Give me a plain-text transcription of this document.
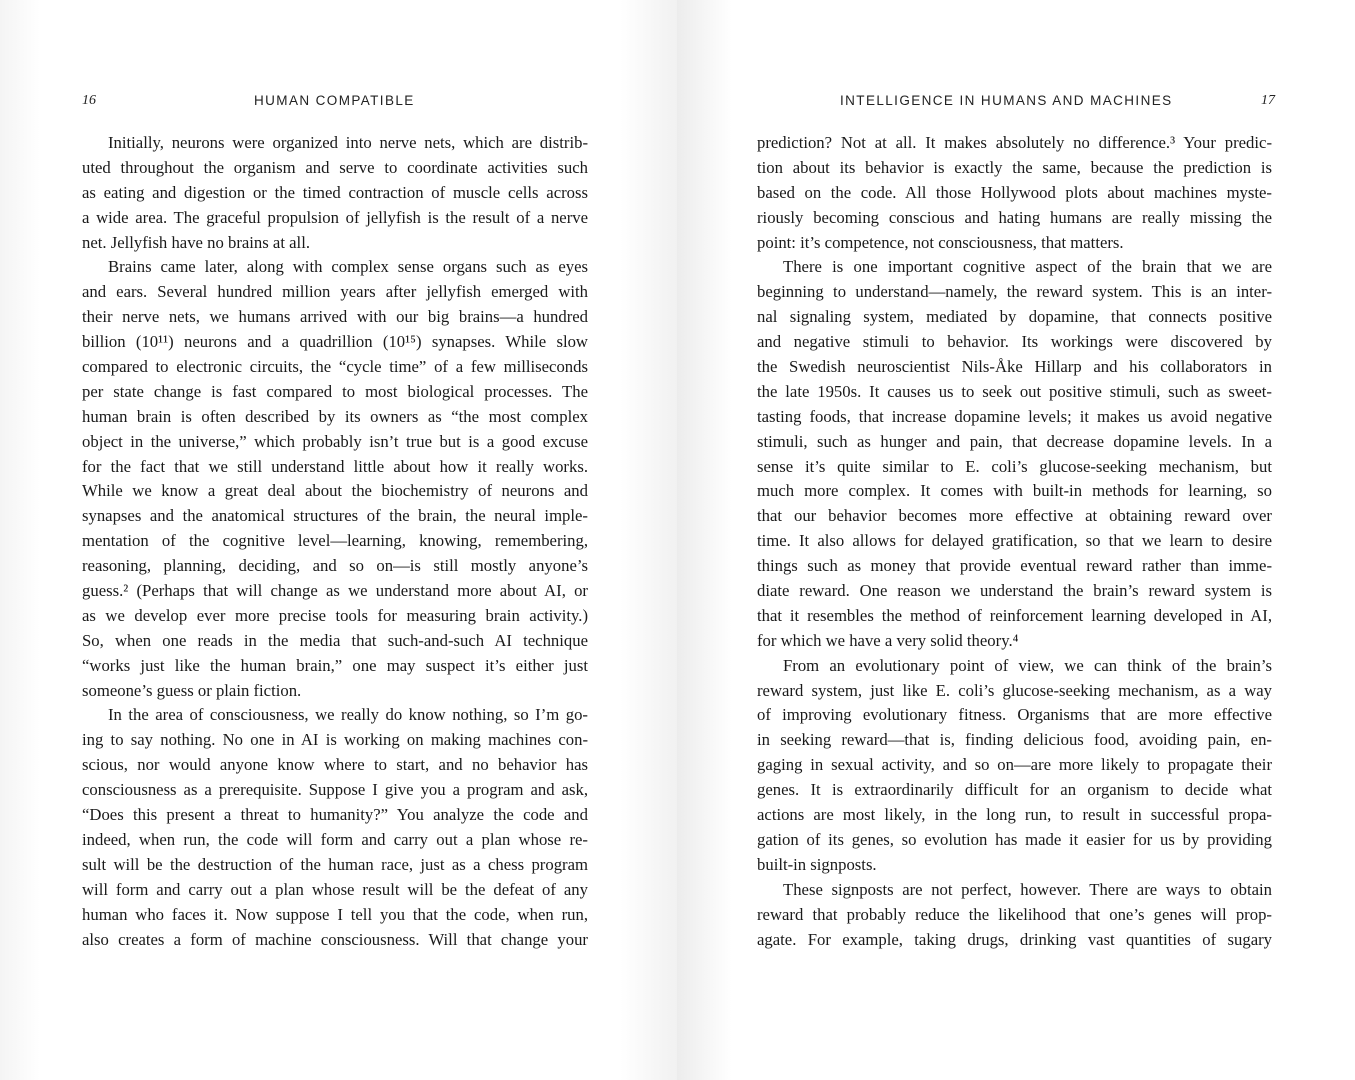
16	HUMAN COMPATIBLE
Initially, neurons were organized into nerve nets, which are distrib-
uted throughout the organism and serve to coordinate activities such
as eating and digestion or the timed contraction of muscle cells across
a wide area. The graceful propulsion of jellyfish is the result of a nerve
net. Jellyfish have no brains at all.
Brains came later, along with complex sense organs such as eyes
and ears. Several hundred million years after jellyfish emerged with
their nerve nets, we humans arrived with our big brains—a hundred
billion (10¹¹) neurons and a quadrillion (10¹⁵) synapses. While slow
compared to electronic circuits, the “cycle time” of a few milliseconds
per state change is fast compared to most biological processes. The
human brain is often described by its owners as “the most complex
object in the universe,” which probably isn’t true but is a good excuse
for the fact that we still understand little about how it really works.
While we know a great deal about the biochemistry of neurons and
synapses and the anatomical structures of the brain, the neural imple-
mentation of the cognitive level—learning, knowing, remembering,
reasoning, planning, deciding, and so on—is still mostly anyone’s
guess.² (Perhaps that will change as we understand more about AI, or
as we develop ever more precise tools for measuring brain activity.)
So, when one reads in the media that such-and-such AI technique
“works just like the human brain,” one may suspect it’s either just
someone’s guess or plain fiction.
In the area of consciousness, we really do know nothing, so I’m go-
ing to say nothing. No one in AI is working on making machines con-
scious, nor would anyone know where to start, and no behavior has
consciousness as a prerequisite. Suppose I give you a program and ask,
“Does this present a threat to humanity?” You analyze the code and
indeed, when run, the code will form and carry out a plan whose re-
sult will be the destruction of the human race, just as a chess program
will form and carry out a plan whose result will be the defeat of any
human who faces it. Now suppose I tell you that the code, when run,
also creates a form of machine consciousness. Will that change your
INTELLIGENCE IN HUMANS AND MACHINES	17
prediction? Not at all. It makes absolutely no difference.³ Your predic-
tion about its behavior is exactly the same, because the prediction is
based on the code. All those Hollywood plots about machines myste-
riously becoming conscious and hating humans are really missing the
point: it’s competence, not consciousness, that matters.
There is one important cognitive aspect of the brain that we are
beginning to understand—namely, the reward system. This is an inter-
nal signaling system, mediated by dopamine, that connects positive
and negative stimuli to behavior. Its workings were discovered by
the Swedish neuroscientist Nils-Åke Hillarp and his collaborators in
the late 1950s. It causes us to seek out positive stimuli, such as sweet-
tasting foods, that increase dopamine levels; it makes us avoid negative
stimuli, such as hunger and pain, that decrease dopamine levels. In a
sense it’s quite similar to E. coli’s glucose-seeking mechanism, but
much more complex. It comes with built-in methods for learning, so
that our behavior becomes more effective at obtaining reward over
time. It also allows for delayed gratification, so that we learn to desire
things such as money that provide eventual reward rather than imme-
diate reward. One reason we understand the brain’s reward system is
that it resembles the method of reinforcement learning developed in AI,
for which we have a very solid theory.⁴
From an evolutionary point of view, we can think of the brain’s
reward system, just like E. coli’s glucose-seeking mechanism, as a way
of improving evolutionary fitness. Organisms that are more effective
in seeking reward—that is, finding delicious food, avoiding pain, en-
gaging in sexual activity, and so on—are more likely to propagate their
genes. It is extraordinarily difficult for an organism to decide what
actions are most likely, in the long run, to result in successful propa-
gation of its genes, so evolution has made it easier for us by providing
built-in signposts.
These signposts are not perfect, however. There are ways to obtain
reward that probably reduce the likelihood that one’s genes will prop-
agate. For example, taking drugs, drinking vast quantities of sugary
